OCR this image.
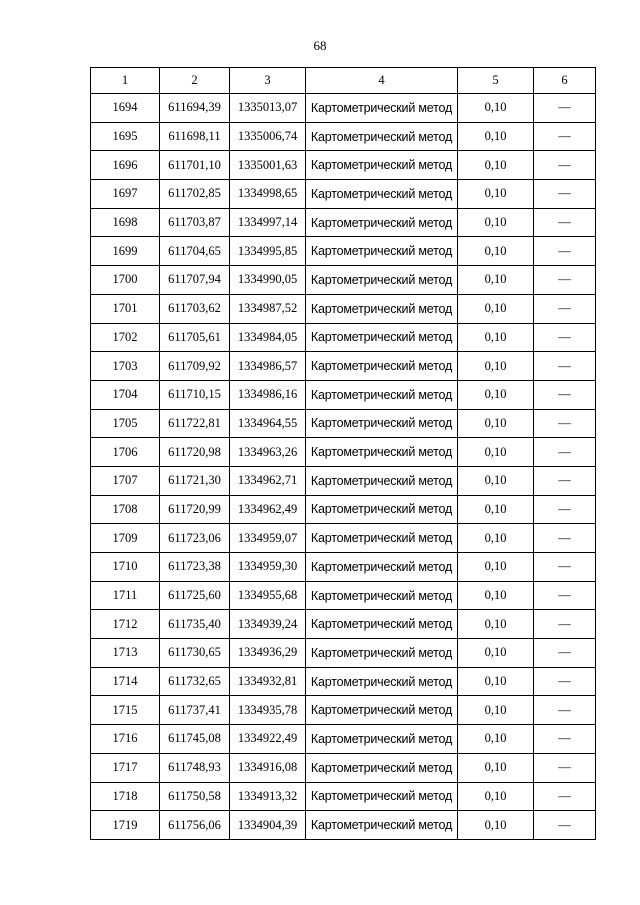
68
1	2	3	4	5	6
1694	611694,39	1335013,07	Картометрический метод	0,10	—
1695	611698,11	1335006,74	Картометрический метод	0,10	—
1696	611701,10	1335001,63	Картометрический метод	0,10	—
1697	611702,85	1334998,65	Картометрический метод	0,10	—
1698	611703,87	1334997,14	Картометрический метод	0,10	—
1699	611704,65	1334995,85	Картометрический метод	0,10	—
1700	611707,94	1334990,05	Картометрический метод	0,10	—
1701	611703,62	1334987,52	Картометрический метод	0,10	—
1702	611705,61	1334984,05	Картометрический метод	0,10	—
1703	611709,92	1334986,57	Картометрический метод	0,10	—
1704	611710,15	1334986,16	Картометрический метод	0,10	—
1705	611722,81	1334964,55	Картометрический метод	0,10	—
1706	611720,98	1334963,26	Картометрический метод	0,10	—
1707	611721,30	1334962,71	Картометрический метод	0,10	—
1708	611720,99	1334962,49	Картометрический метод	0,10	—
1709	611723,06	1334959,07	Картометрический метод	0,10	—
1710	611723,38	1334959,30	Картометрический метод	0,10	—
1711	611725,60	1334955,68	Картометрический метод	0,10	—
1712	611735,40	1334939,24	Картометрический метод	0,10	—
1713	611730,65	1334936,29	Картометрический метод	0,10	—
1714	611732,65	1334932,81	Картометрический метод	0,10	—
1715	611737,41	1334935,78	Картометрический метод	0,10	—
1716	611745,08	1334922,49	Картометрический метод	0,10	—
1717	611748,93	1334916,08	Картометрический метод	0,10	—
1718	611750,58	1334913,32	Картометрический метод	0,10	—
1719	611756,06	1334904,39	Картометрический метод	0,10	—
